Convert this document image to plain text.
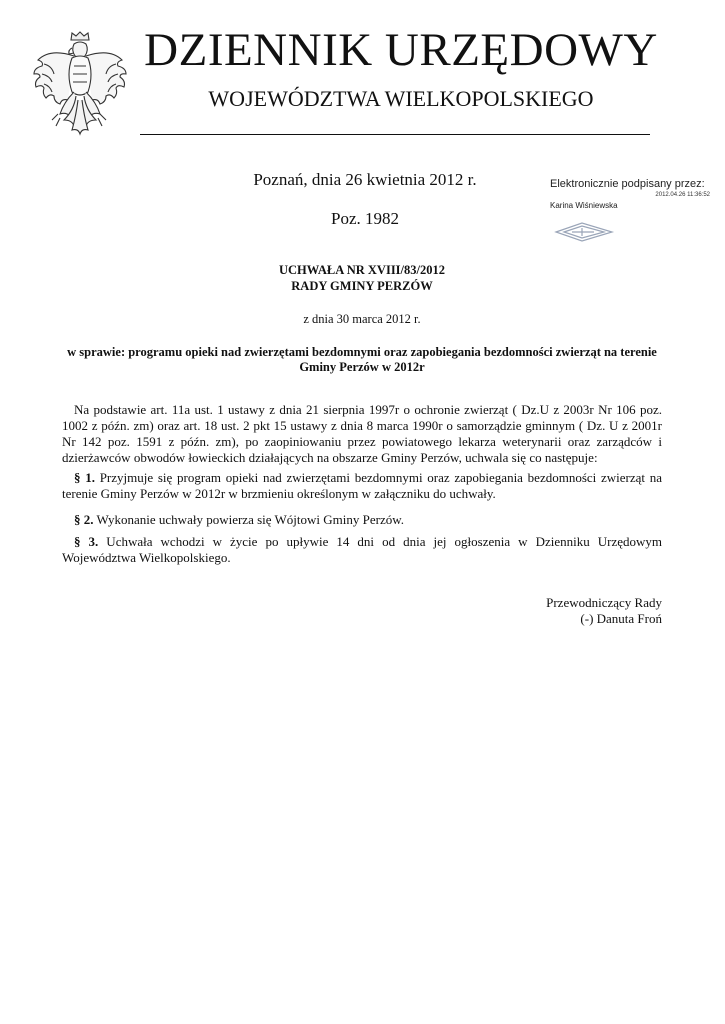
DZIENNIK URZĘDOWY
WOJEWÓDZTWA WIELKOPOLSKIEGO
Poznań, dnia 26 kwietnia 2012 r.
Poz. 1982
Elektronicznie podpisany przez:
2012.04.26 11:36:52
Karina Wiśniewska
UCHWAŁA NR XVIII/83/2012
RADY GMINY PERZÓW
z dnia 30 marca 2012 r.
w sprawie: programu opieki nad zwierzętami bezdomnymi oraz zapobiegania bezdomności zwierząt na terenie Gminy Perzów w 2012r
Na podstawie art. 11a ust. 1 ustawy z dnia 21 sierpnia 1997r o ochronie zwierząt ( Dz.U z 2003r Nr 106 poz. 1002 z późn. zm) oraz art. 18 ust. 2 pkt 15 ustawy z dnia 8 marca 1990r o samorządzie gminnym ( Dz. U z 2001r Nr 142 poz. 1591 z późn. zm), po zaopiniowaniu przez powiatowego lekarza weterynarii oraz zarządców i dzierżawców obwodów łowieckich działających na obszarze Gminy Perzów, uchwala się co następuje:
§ 1. Przyjmuje się program opieki nad zwierzętami bezdomnymi oraz zapobiegania bezdomności zwierząt na terenie Gminy Perzów w 2012r w brzmieniu określonym w załączniku do uchwały.
§ 2. Wykonanie uchwały powierza się Wójtowi Gminy Perzów.
§ 3. Uchwała wchodzi w życie po upływie 14 dni od dnia jej ogłoszenia w Dzienniku Urzędowym Województwa Wielkopolskiego.
Przewodniczący Rady
(-) Danuta Froń
